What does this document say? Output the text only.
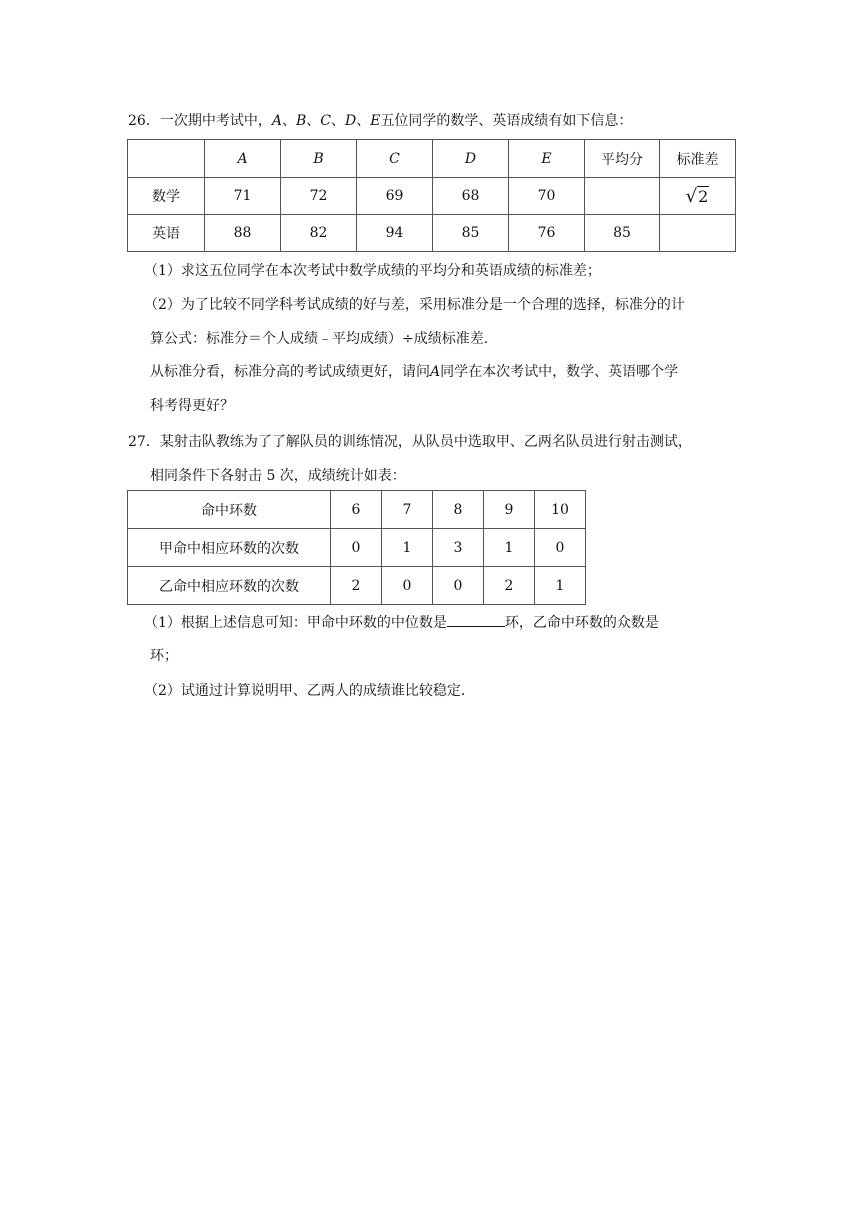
26．一次期中考试中，A、B、C、D、E五位同学的数学、英语成绩有如下信息：
	A	B	C	D	E	平均分	标准差
数学	71	72	69	68	70		√2
英语	88	82	94	85	76	85	
（1）求这五位同学在本次考试中数学成绩的平均分和英语成绩的标准差；
（2）为了比较不同学科考试成绩的好与差，采用标准分是一个合理的选择，标准分的计
算公式：标准分＝个人成绩﹣平均成绩）÷成绩标准差.
从标准分看，标准分高的考试成绩更好，请问A同学在本次考试中，数学、英语哪个学
科考得更好？
27．某射击队教练为了了解队员的训练情况，从队员中选取甲、乙两名队员进行射击测试，
相同条件下各射击 5 次，成绩统计如表：
命中环数	6	7	8	9	10
甲命中相应环数的次数	0	1	3	1	0
乙命中相应环数的次数	2	0	0	2	1
（1）根据上述信息可知：甲命中环数的中位数是	环，乙命中环数的众数是
环；
（2）试通过计算说明甲、乙两人的成绩谁比较稳定．
